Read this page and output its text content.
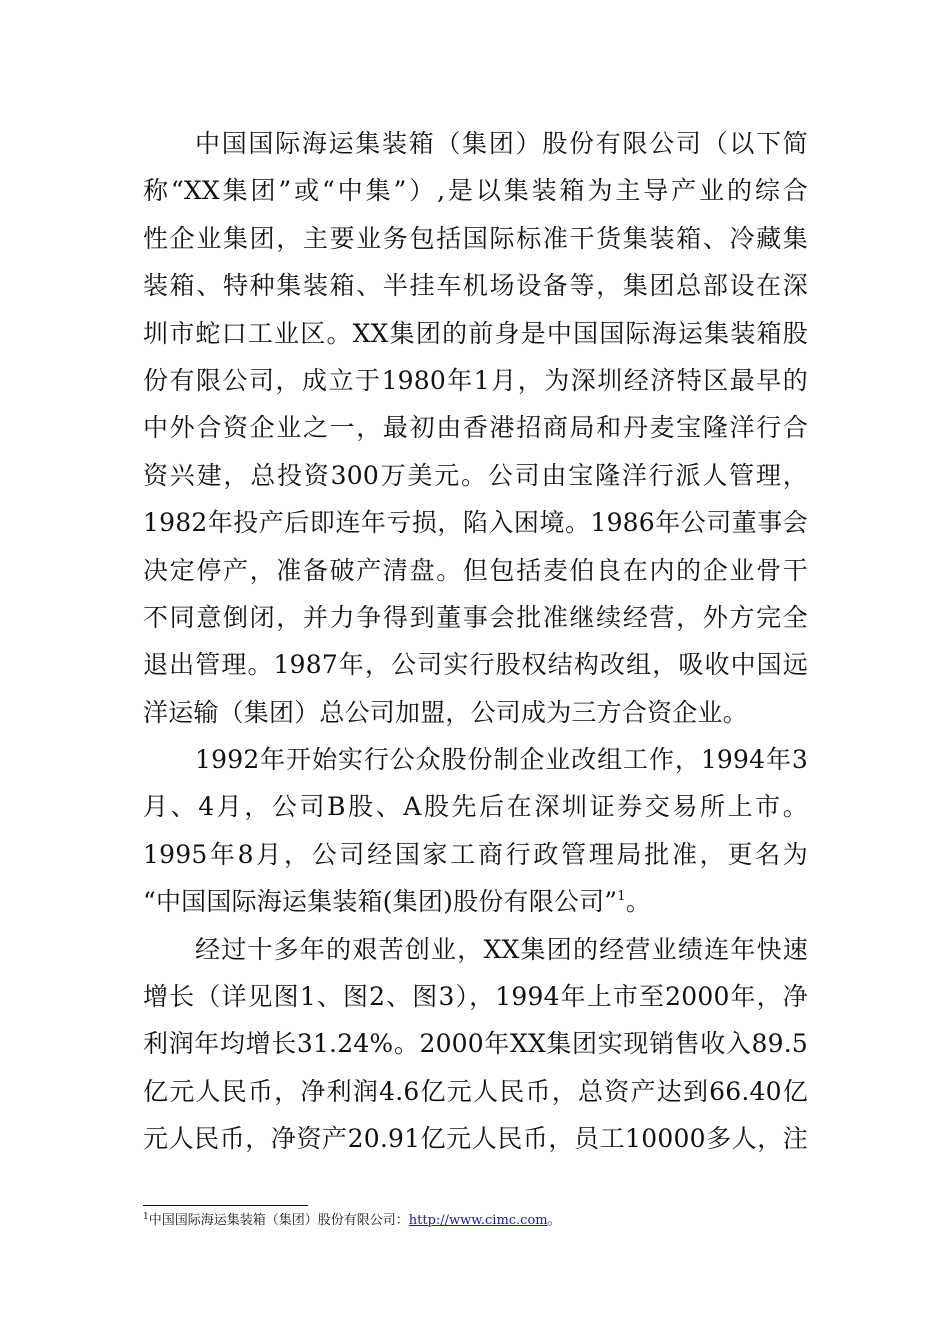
中国国际海运集装箱（集团）股份有限公司（以下简
称“XX集团”或“中集”）,是以集装箱为主导产业的综合
性企业集团，主要业务包括国际标准干货集装箱、冷藏集
装箱、特种集装箱、半挂车机场设备等，集团总部设在深
圳市蛇口工业区。XX集团的前身是中国国际海运集装箱股
份有限公司，成立于1980年1月，为深圳经济特区最早的
中外合资企业之一，最初由香港招商局和丹麦宝隆洋行合
资兴建，总投资300万美元。公司由宝隆洋行派人管理，
1982年投产后即连年亏损，陷入困境。1986年公司董事会
决定停产，准备破产清盘。但包括麦伯良在内的企业骨干
不同意倒闭，并力争得到董事会批准继续经营，外方完全
退出管理。1987年，公司实行股权结构改组，吸收中国远
洋运输（集团）总公司加盟，公司成为三方合资企业。
1992年开始实行公众股份制企业改组工作，1994年3
月、4月，公司B股、A股先后在深圳证券交易所上市。
1995年8月，公司经国家工商行政管理局批准，更名为
“中国国际海运集装箱(集团)股份有限公司”$^1$。
经过十多年的艰苦创业，XX集团的经营业绩连年快速
增长（详见图1、图2、图3），1994年上市至2000年，净
利润年均增长31.24%。2000年XX集团实现销售收入89.5
亿元人民币，净利润4.6亿元人民币，总资产达到66.40亿
元人民币，净资产20.91亿元人民币，员工10000多人，注
$^1$中国国际海运集装箱（集团）股份有限公司：http://www.cimc.com。
